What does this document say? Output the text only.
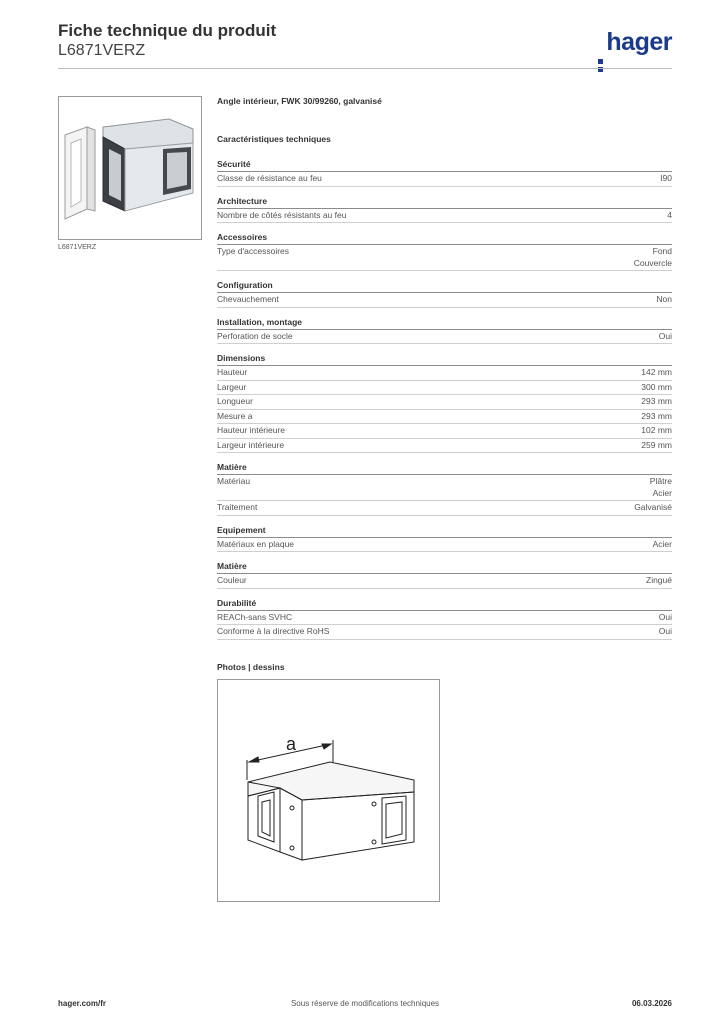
Fiche technique du produit
L6871VERZ	hager
L6871VERZ
Angle intérieur, FWK 30/99260, galvanisé
Caractéristiques techniques
Sécurité
Classe de résistance au feu	I90
Architecture
Nombre de côtés résistants au feu	4
Accessoires
Type d'accessoires	Fond
Couvercle
Configuration
Chevauchement	Non
Installation, montage
Perforation de socle	Oui
Dimensions
Hauteur	142 mm
Largeur	300 mm
Longueur	293 mm
Mesure a	293 mm
Hauteur intérieure	102 mm
Largeur intérieure	259 mm
Matière
Matériau	Plâtre
Acier
Traitement	Galvanisé
Equipement
Matériaux en plaque	Acier
Matière
Couleur	Zingué
Durabilité
REACh-sans SVHC	Oui
Conforme à la directive RoHS	Oui
Photos | dessins
a
hager.com/fr	Sous réserve de modifications techniques	06.03.2026
